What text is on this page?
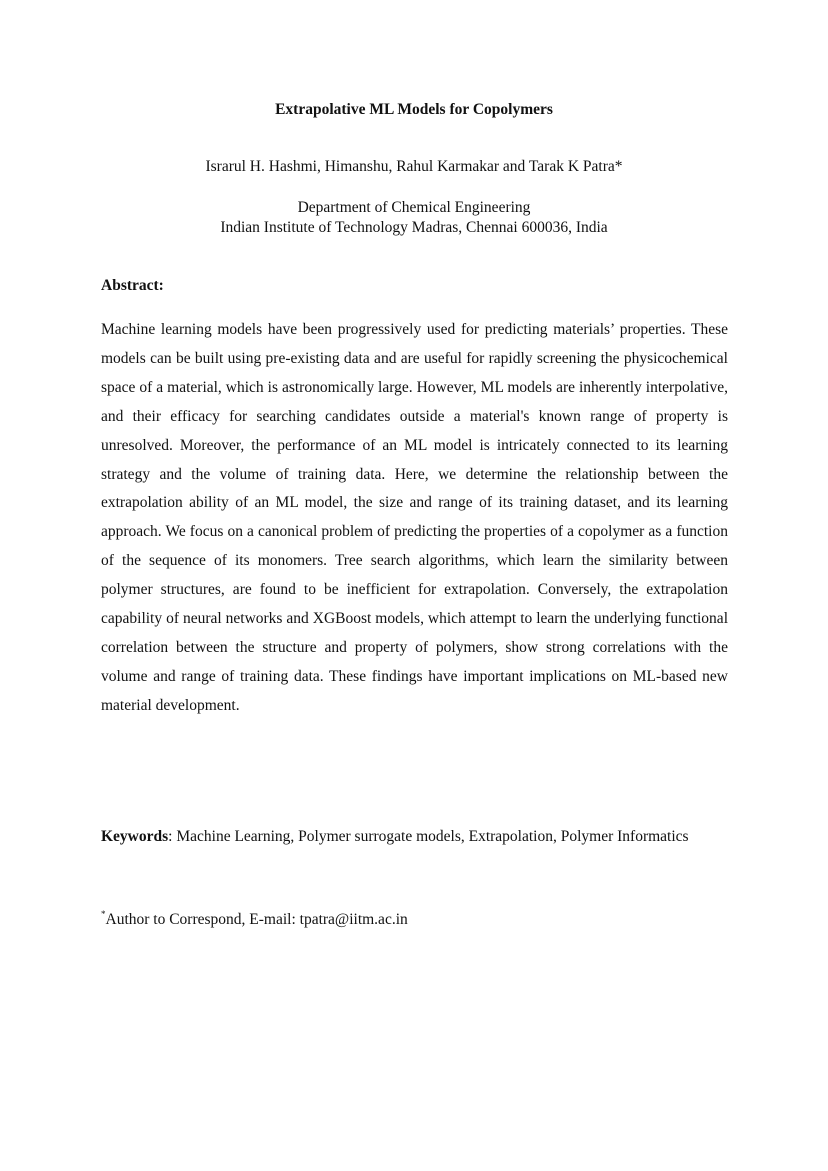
Extrapolative ML Models for Copolymers
Israrul H. Hashmi, Himanshu, Rahul Karmakar and Tarak K Patra*
Department of Chemical Engineering
Indian Institute of Technology Madras, Chennai 600036, India
Abstract:
Machine learning models have been progressively used for predicting materials’ properties. These models can be built using pre-existing data and are useful for rapidly screening the physicochemical space of a material, which is astronomically large. However, ML models are inherently interpolative, and their efficacy for searching candidates outside a material's known range of property is unresolved. Moreover, the performance of an ML model is intricately connected to its learning strategy and the volume of training data. Here, we determine the relationship between the extrapolation ability of an ML model, the size and range of its training dataset, and its learning approach. We focus on a canonical problem of predicting the properties of a copolymer as a function of the sequence of its monomers. Tree search algorithms, which learn the similarity between polymer structures, are found to be inefficient for extrapolation. Conversely, the extrapolation capability of neural networks and XGBoost models, which attempt to learn the underlying functional correlation between the structure and property of polymers, show strong correlations with the volume and range of training data. These findings have important implications on ML-based new material development.
Keywords: Machine Learning, Polymer surrogate models, Extrapolation, Polymer Informatics
*Author to Correspond, E-mail: tpatra@iitm.ac.in
